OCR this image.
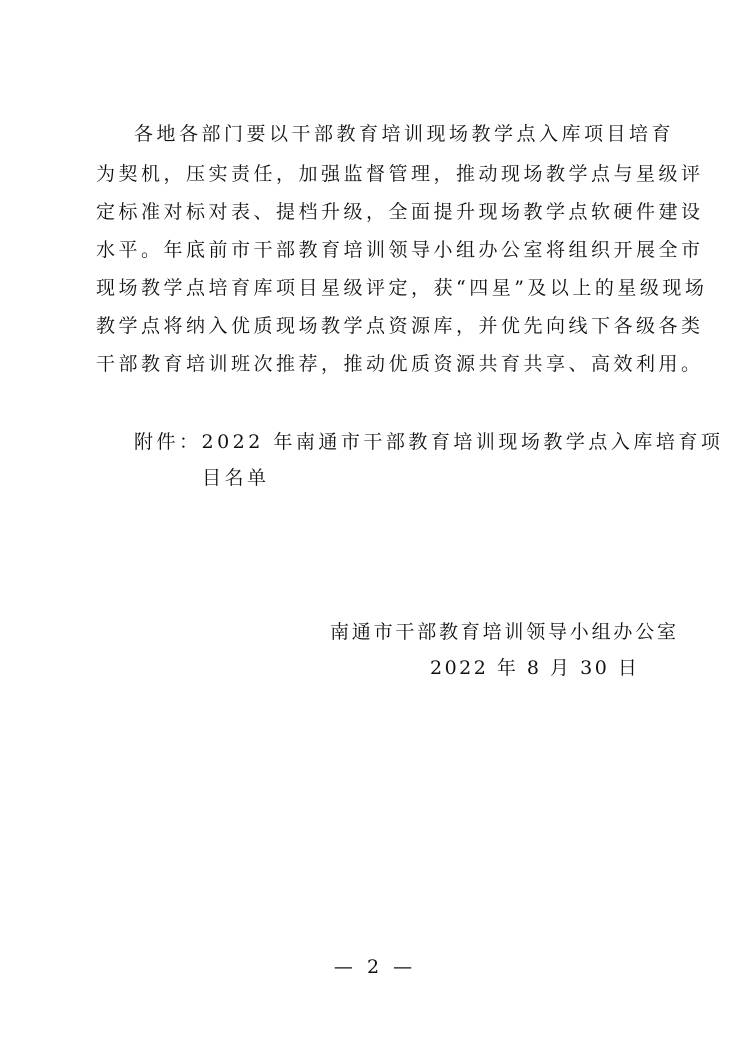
各地各部门要以干部教育培训现场教学点入库项目培育
为契机，压实责任，加强监督管理，推动现场教学点与星级评
定标准对标对表、提档升级，全面提升现场教学点软硬件建设
水平。年底前市干部教育培训领导小组办公室将组织开展全市
现场教学点培育库项目星级评定，获“四星”及以上的星级现场
教学点将纳入优质现场教学点资源库，并优先向线下各级各类
干部教育培训班次推荐，推动优质资源共育共享、高效利用。
附件：2022 年南通市干部教育培训现场教学点入库培育项
目名单
南通市干部教育培训领导小组办公室
2022 年 8 月 30 日
— 2 —
